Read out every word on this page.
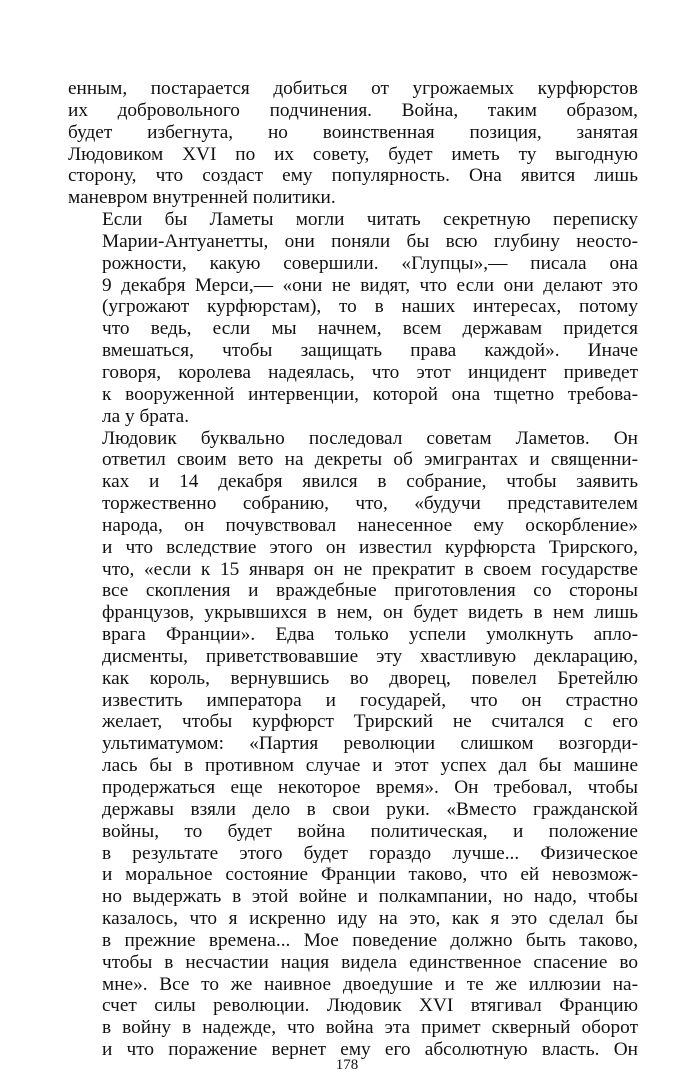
енным, постарается добиться от угрожаемых курфюрстов
их добровольного подчинения. Война, таким образом,
будет избегнута, но воинственная позиция, занятая
Людовиком XVI по их совету, будет иметь ту выгодную
сторону, что создаст ему популярность. Она явится лишь
маневром внутренней политики.

Если бы Ламеты могли читать секретную переписку
Марии-Антуанетты, они поняли бы всю глубину неосто-
рожности, какую совершили. «Глупцы»,— писала она
9 декабря Мерси,— «они не видят, что если они делают это
(угрожают курфюрстам), то в наших интересах, потому
что ведь, если мы начнем, всем державам придется
вмешаться, чтобы защищать права каждой». Иначе
говоря, королева надеялась, что этот инцидент приведет
к вооруженной интервенции, которой она тщетно требова-
ла у брата.

Людовик буквально последовал советам Ламетов. Он
ответил своим вето на декреты об эмигрантах и священни-
ках и 14 декабря явился в собрание, чтобы заявить
торжественно собранию, что, «будучи представителем
народа, он почувствовал нанесенное ему оскорбление»
и что вследствие этого он известил курфюрста Трирского,
что, «если к 15 января он не прекратит в своем государстве
все скопления и враждебные приготовления со стороны
французов, укрывшихся в нем, он будет видеть в нем лишь
врага Франции». Едва только успели умолкнуть апло-
дисменты, приветствовавшие эту хвастливую декларацию,
как король, вернувшись во дворец, повелел Бретейлю
известить императора и государей, что он страстно
желает, чтобы курфюрст Трирский не считался с его
ультиматумом: «Партия революции слишком возгорди-
лась бы в противном случае и этот успех дал бы машине
продержаться еще некоторое время». Он требовал, чтобы
державы взяли дело в свои руки. «Вместо гражданской
войны, то будет война политическая, и положение
в результате этого будет гораздо лучше... Физическое
и моральное состояние Франции таково, что ей невозмож-
но выдержать в этой войне и полкампании, но надо, чтобы
казалось, что я искренно иду на это, как я это сделал бы
в прежние времена... Мое поведение должно быть таково,
чтобы в несчастии нация видела единственное спасение во
мне». Все то же наивное двоедушие и те же иллюзии на-
счет силы революции. Людовик XVI втягивал Францию
в войну в надежде, что война эта примет скверный оборот
и что поражение вернет ему его абсолютную власть. Он

178
